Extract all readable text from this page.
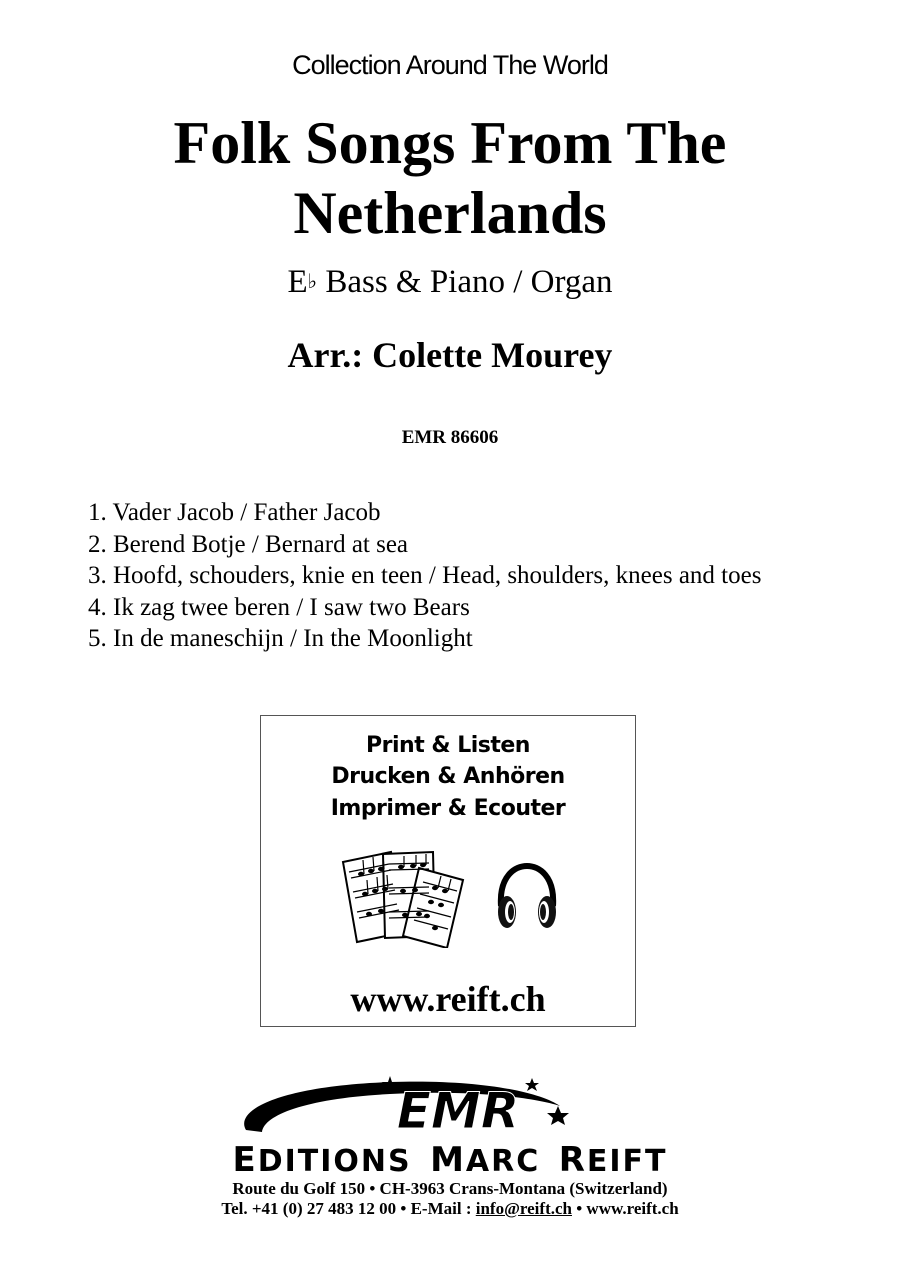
Collection Around The World
Folk Songs From The
Netherlands
E♭ Bass & Piano / Organ
Arr.: Colette Mourey
EMR 86606
1. Vader Jacob / Father Jacob
2. Berend Botje / Bernard at sea
3. Hoofd, schouders, knie en teen / Head, shoulders, knees and toes
4. Ik zag twee beren / I saw two Bears
5. In de maneschijn / In the Moonlight
Print & Listen
Drucken & Anhören
Imprimer & Ecouter
www.reift.ch
EMR
EDITIONS MARC REIFT
Route du Golf 150 • CH-3963 Crans-Montana (Switzerland)
Tel. +41 (0) 27 483 12 00 • E-Mail : info@reift.ch • www.reift.ch
